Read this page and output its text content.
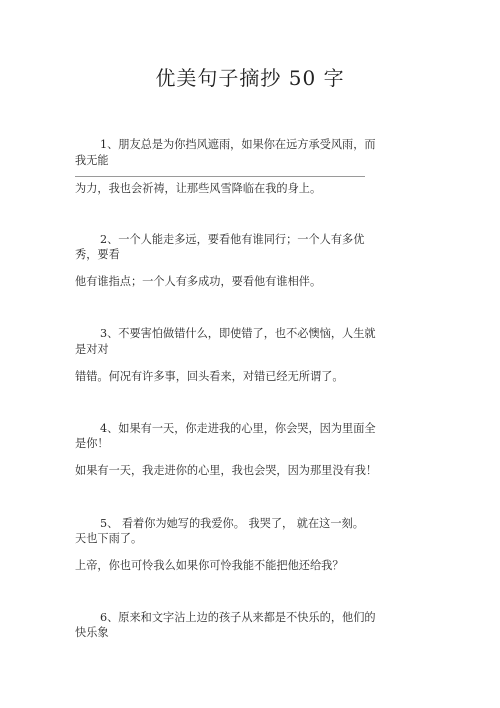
优美句子摘抄 50 字
1、朋友总是为你挡风遮雨，如果你在远方承受风雨，而
我无能
为力，我也会祈祷，让那些风雪降临在我的身上。
2、一个人能走多远，要看他有谁同行；一个人有多优
秀，要看
他有谁指点；一个人有多成功，要看他有谁相伴。
3、不要害怕做错什么，即使错了，也不必懊恼，人生就
是对对
错错。何况有许多事，回头看来，对错已经无所谓了。
4、如果有一天，你走进我的心里，你会哭，因为里面全
是你！
如果有一天，我走进你的心里，我也会哭，因为那里没有我！
5、 看着你为她写的我爱你。 我哭了， 就在这一刻。
天也下雨了。
上帝，你也可怜我么如果你可怜我能不能把他还给我？
6、原来和文字沾上边的孩子从来都是不快乐的，他们的
快乐象
